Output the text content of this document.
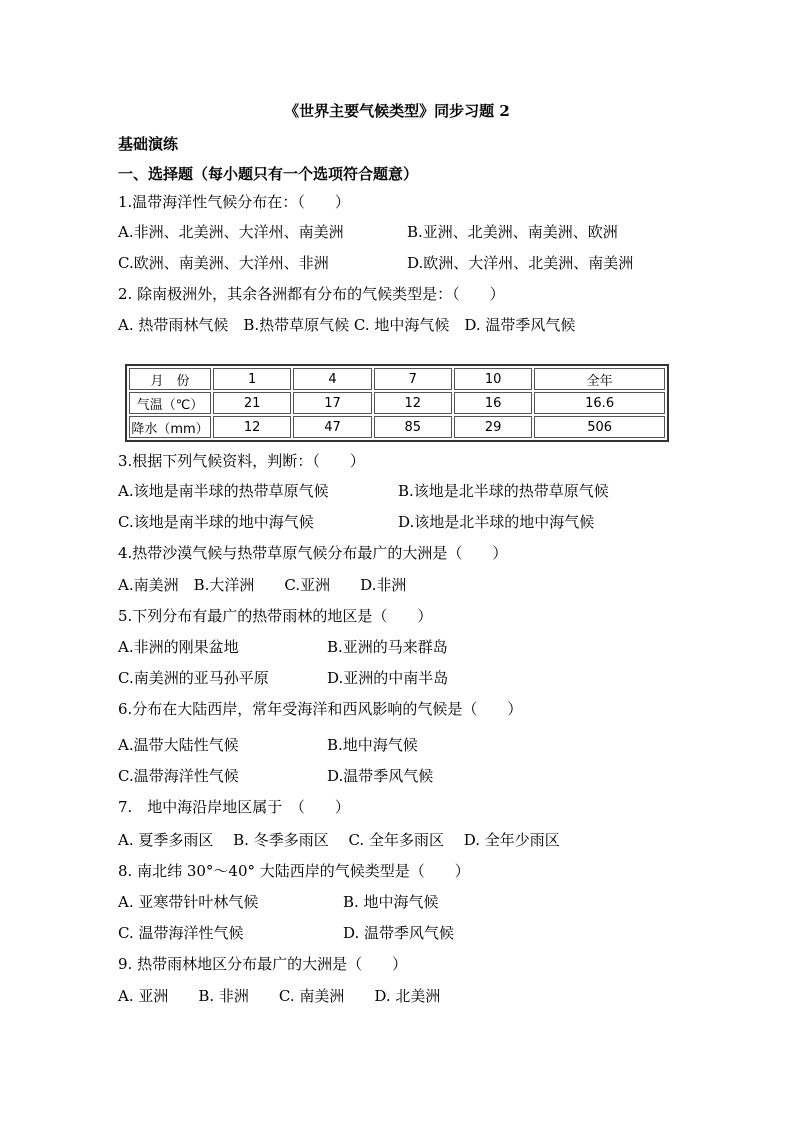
《世界主要气候类型》同步习题 2
基础演练
一、选择题（每小题只有一个选项符合题意）
1.温带海洋性气候分布在：（　　）
A.非洲、北美洲、大洋州、南美洲	B.亚洲、北美洲、南美洲、欧洲
C.欧洲、南美洲、大洋州、非洲	D.欧洲、大洋州、北美洲、南美洲
2. 除南极洲外，其余各洲都有分布的气候类型是：（　　）
A. 热带雨林气候　B.热带草原气候 C. 地中海气候　D. 温带季风气候
月　份	1	4	7	10	全年
气温（℃）	21	17	12	16	16.6
降水（mm）	12	47	85	29	506
3.根据下列气候资料，判断：（　　）
A.该地是南半球的热带草原气候	B.该地是北半球的热带草原气候
C.该地是南半球的地中海气候	D.该地是北半球的地中海气候
4.热带沙漠气候与热带草原气候分布最广的大洲是（　　）
A.南美洲　B.大洋洲　　C.亚洲　　D.非洲
5.下列分布有最广的热带雨林的地区是（　　）
A.非洲的刚果盆地	B.亚洲的马来群岛
C.南美洲的亚马孙平原	D.亚洲的中南半岛
6.分布在大陆西岸，常年受海洋和西风影响的气候是（　　）
A.温带大陆性气候	B.地中海气候
C.温带海洋性气候	D.温带季风气候
7.　地中海沿岸地区属于　（　　）
A. 夏季多雨区　 B. 冬季多雨区　 C. 全年多雨区　 D. 全年少雨区
8. 南北纬 30°～40° 大陆西岸的气候类型是（　　）
A. 亚寒带针叶林气候	B. 地中海气候
C. 温带海洋性气候	D. 温带季风气候
9. 热带雨林地区分布最广的大洲是（　　）
A. 亚洲　　B. 非洲　　C. 南美洲　　D. 北美洲
